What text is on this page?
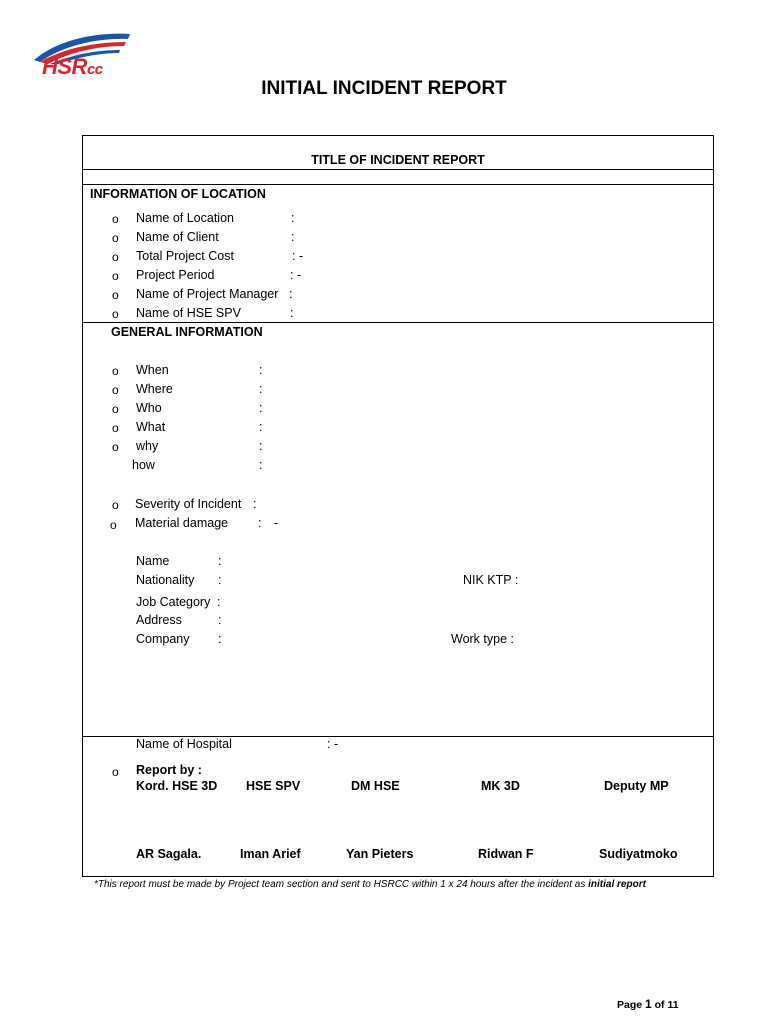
HSRcc
INITIAL INCIDENT REPORT
TITLE OF INCIDENT REPORT
INFORMATION OF LOCATION
o Name of Location	:
o Name of Client	:
o Total Project Cost	: -
o Project Period	: -
o Name of Project Manager :
o Name of HSE SPV	:
GENERAL INFORMATION
o When	:
o Where	:
o Who	:
o What	:
o why	:
how	:
o Severity of Incident :
o Material damage : -
Name	:
Nationality :	NIK KTP :
Job Category :
Address	:
Company :	Work type :
Name of Hospital	: -
o Report by :
Kord. HSE 3D HSE SPV	DM HSE	MK 3D	Deputy MP
AR Sagala.	Iman Arief	Yan Pieters	Ridwan F	Sudiyatmoko
*This report must be made by Project team section and sent to HSRCC within 1 x 24 hours after the incident as initial report
Page 1 of 11
